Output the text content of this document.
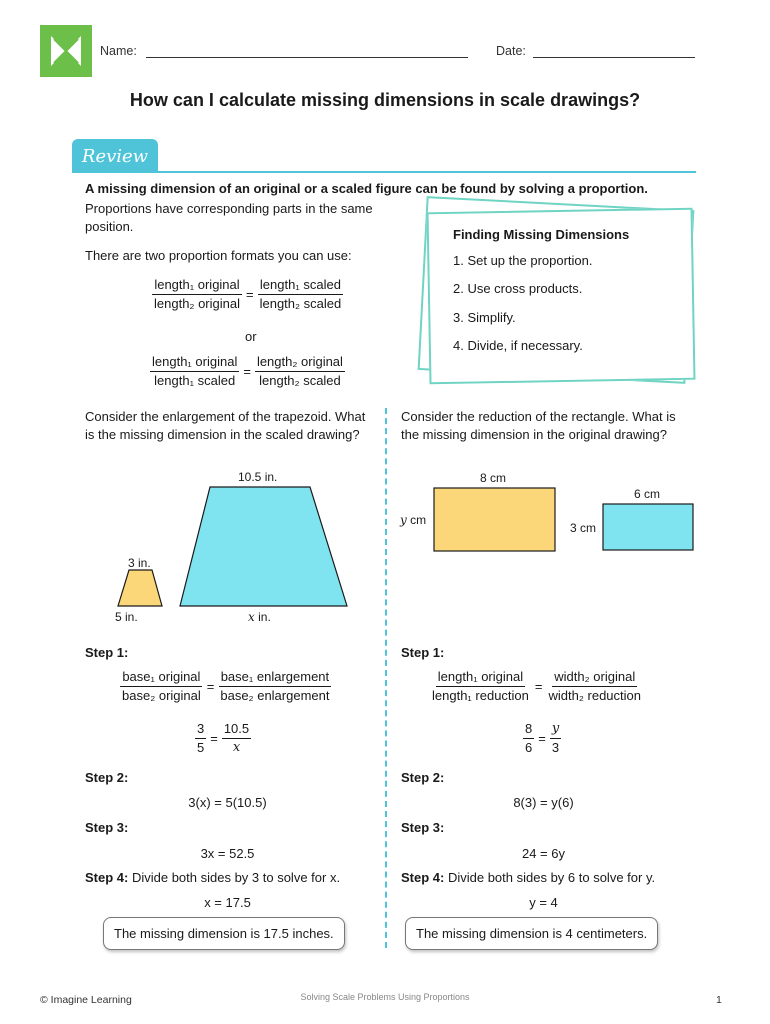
Name:	Date:
How can I calculate missing dimensions in scale drawings?
Review
A missing dimension of an original or a scaled figure can be found by solving a proportion.
Proportions have corresponding parts in the same position.
There are two proportion formats you can use:
$\frac{\text{length₁ original}}{\text{length₂ original}} = \frac{\text{length₁ scaled}}{\text{length₂ scaled}}$
or
$\frac{\text{length₁ original}}{\text{length₁ scaled}} = \frac{\text{length₂ original}}{\text{length₂ scaled}}$
Finding Missing Dimensions
1. Set up the proportion.
2. Use cross products.
3. Simplify.
4. Divide, if necessary.
Consider the enlargement of the trapezoid. What is the missing dimension in the scaled drawing?
10.5 in.
3 in.
5 in.	x in.
Step 1:
$\frac{\text{base₁ original}}{\text{base₂ original}} = \frac{\text{base₁ enlargement}}{\text{base₂ enlargement}}$
$\frac{3}{5} = \frac{10.5}{x}$
Step 2:
3(x) = 5(10.5)
Step 3:
3x = 52.5
Step 4: Divide both sides by 3 to solve for x.
x = 17.5
The missing dimension is 17.5 inches.
Consider the reduction of the rectangle. What is the missing dimension in the original drawing?
8 cm
y cm
6 cm
3 cm
Step 1:
$\frac{\text{length₁ original}}{\text{length₁ reduction}} = \frac{\text{width₂ original}}{\text{width₂ reduction}}$
$\frac{8}{6} = \frac{y}{3}$
Step 2:
8(3) = y(6)
Step 3:
24 = 6y
Step 4: Divide both sides by 6 to solve for y.
y = 4
The missing dimension is 4 centimeters.
© Imagine Learning	Solving Scale Problems Using Proportions	1
